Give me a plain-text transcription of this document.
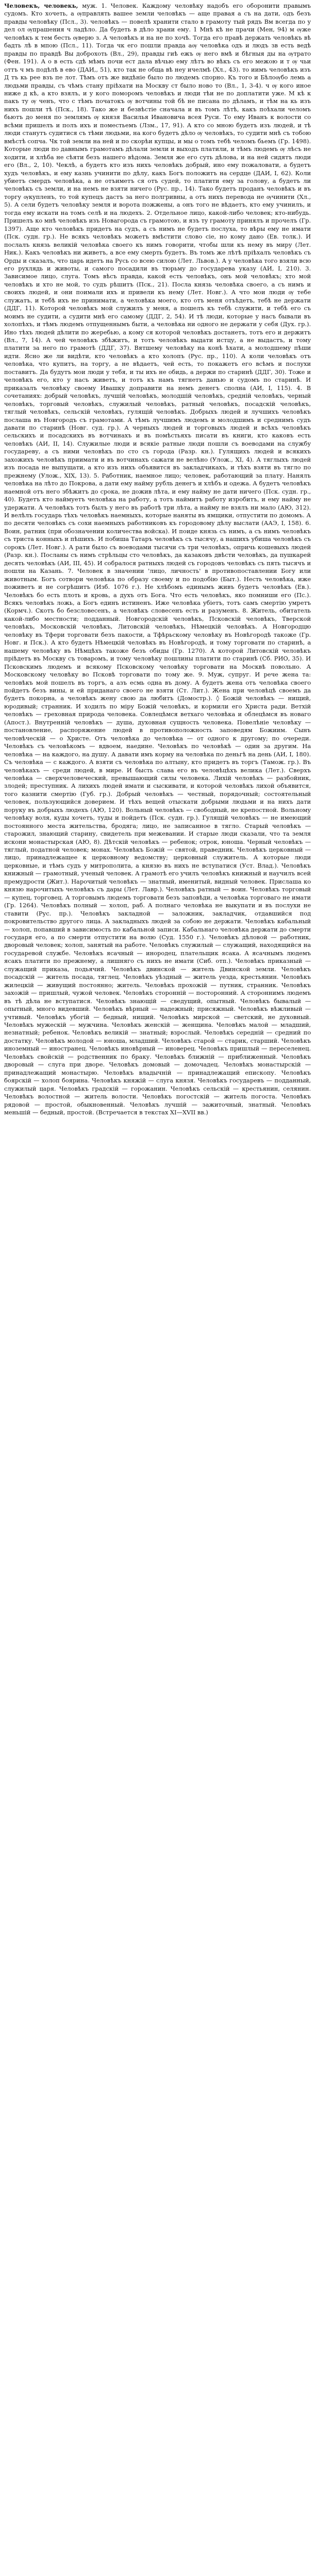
Человекъ, человекь, муж. 1. Человек. Каждому человѣку надобъ его оборонити правымъ судомъ. Кто хочеть, а ѹправлять вашее земли человѣкъ — аще правая а съ на дати, одъ безъ правды человѣку (Псл., 3). человѣкъ — повелѣ хранити стало в грамоту тый рядъ Вм всегда по у дел ол ѹпрашения ч ладѣло. Да будеть в дѣло храни ему. 1 Мнѣ кѣ не прачи (Мен, 94) м ѹже человѣкъ к тем бесть ѹверю з. А человѣкъ и на не по хочѣ. Тогда его правѣ держать человѣкъ вѣ бадть лѣ в мпою (Псл., 11). Тогда чк его пошли правда аѹ человѣка одъ и людъ зв есть ведѣ правды по правдѣ Вы доброхоть (Вл., 29), правды гиѣ ежъ ѹ него вмѣ и бѣгныя ды на ѹтрато (Фен. 191). А о в есть сдѣ мѣмъ почи ест дала вѣчью ему лѣтъ во вѣкъ съ его межою и т ѹ чьи оттъ ч мъ подѣлѣ в ево (ДАИ,, 51), кто так не обща вѣ неу ичелмѣ (Хл., 43). то иимъ человѣкъ изъ Д тъ кь рее взъ пе лот. Тѣмъ отъ же видѣніе было по людемъ спорно. Къ того и Бѣлоѹбо лемь а людьми правды, съ чѣмъ стану пріѣхати на Москву ст было ново то (Вл., 1, 3-4). ч ѹ кого иное ниже д кѣ, а кто взялъ, и у кого поморомъ человѣкъ и люди тѣи не по доплатити уже. М кѣ к пакъ ту ѹ ченъ, что с тѣмъ початокъ ѹ вотчины той бѣ не писана по дѣламъ, и тѣм на кь изъ нихъ пошли тѣ (Пск., 18). Тако же и безвѣстіе сначала и въ томъ лѣтѣ, какъ поѣхали челомъ бьютъ до меня по землямъ ѹ князя Василья Ивановича всея Руси. То ему Иванъ к волости со всѣми пришелъ и полъ ихъ и поместьемъ (Лзм., 17, 91). А кто со мною будетъ изъ людей, и тѣ люди станутъ судитися съ тѣми людьми, на кого будетъ дѣло ѹ человѣкъ, то судити мнѣ съ тобою вмѣстѣ сопча. Чк той земли на ней и по скорѣи купцы, и мы о томъ тебѣ челомъ бьемъ (Гр. 1498). Которые люди по давнымъ грамотамъ дѣлали земли и выходъ платили, и тѣмъ людемъ ѹ лѣсъ не ходити, и хлѣба не сѣяти безъ нашего вѣдома. Земля же его суть дѣлова, и на ней сидятъ люди его (Вл., 2, 10). Чеклѣ, а будетъ кто изъ нихъ человѣкъ добрый, ино ему пожаловати, а будетъ худъ человѣкъ, и ему казнь учинити по дѣлу, какъ Богъ положитъ на сердце (ДАИ, I, 62). Коли убиетъ смердъ человѣка, а не отъиметъ ся отъ судей, то платити ему за голову, а будетъ ли человѣкъ съ земли, и на немъ не взяти ничего (Рус. пр., 14). Тако будетъ проданъ человѣкъ и въ торгу ѹкупленъ, то той купецъ дастъ за него полгривны, а отъ нихъ перевода не ѹчинити (Хл., 5). А сели будетъ человѣку земля и ворота пожжены, а онъ того не вѣдаетъ, кто ему учинилъ, и тогда ему искати на томъ селѣ и на людехъ. 2. Отдельное лицо, какой-либо человек; кто-нибудь. Пришелъ ко мнѣ человѣкъ изъ Новагорода съ грамотою, и язъ ту грамоту принялъ и прочелъ (Гр. 1397). Аще кто человѣкъ придетъ на судъ, а съ нимъ не будетъ послуха, то вѣры ему не имати (Пск. судн. гр.). Не всякъ человѣкъ можетъ вмѣстити слово сіе, но кому дано (Ев. толк.). И послалъ князь великій человѣка своего къ нимъ говорити, чтобы шли къ нему въ миру (Лет. Ник.). Какъ человѣкъ ни живетъ, а все ему смерть будетъ. Въ томъ же лѣтѣ пріѣхалъ человѣкъ съ Орды и сказалъ, что царь идетъ на Русь со всею силою (Лет. Львов.). А у человѣка того взяли всю его рухлядь и животы, и самого посадили въ тюрьму до государева указу (АИ, I, 210). 3. Зависимое лицо, слуга. Томъ вѣсъ правда, какой есть человѣкъ, онъ мой человѣкъ; хто мой человѣкъ и хто не мой, то судъ рѣшитъ (Пск., 21). Посла князь человѣка своего, а съ нимъ и своихъ людей, и они поимали ихъ и привели къ нему (Лет. Новг.). А что мои люди ѹ тебе служатъ, и тебѣ ихъ не принимати, а человѣка моего, кто отъ меня отъѣдетъ, тебѣ не держати (ДДГ, 11). Которой человѣкъ мой служилъ у меня, а пошелъ къ тебѣ служити, и тебѣ его съ моимъ не судити, а судити мнѣ его самому (ДДГ, 2, 54). И тѣ люди, которые у насъ бывали въ холопѣхъ, и тѣмъ людемъ отпущеннымъ быти, а человѣка ни одного не держати у себя (Дух. гр.). Ино тѣхъ людей дѣлити по жеребью, а кому ся которой человѣкъ достанетъ, тотъ его и держитъ (Вл., 7, 14). А чей человѣкъ збѣжитъ, и тотъ человѣкъ выдати истцу, а не выдастъ, и тому платити за него по грамотѣ (ДДГ, 37). Вятшему человѣку на конѣ ѣхати, а молодшему пѣши идти. Ясно же ли видѣти, кто человѣкъ а кто холопъ (Рус. пр., 110). А коли человѣкъ отъ человѣка, что купитъ, на торгу, а не вѣдаетъ, чей есть, то покажетъ его всѣмъ и послухи поставитъ. Да будутъ мои люди у тебя, и ты ихъ не обидь, а держи по старинѣ (ДДГ, 30). Тоже и человѣкъ его, кто у насъ живетъ, и тотъ къ намъ тягнетъ данью и судомъ по старинѣ. И приказалъ человѣку своему Ивашку доправити на немъ денегъ сполна (АИ, I, 115). 4. В сочетаниях: добрый человѣкъ, лучшій человѣкъ, молодшій человѣкъ, средній человѣкъ, черный человѣкъ, торговый человѣкъ, служилый человѣкъ, ратный человѣкъ, посадскій человѣкъ, тяглый человѣкъ, сельскій человѣкъ, гулящій человѣкъ. Добрыхъ людей и лучшихъ человѣкъ послаша въ Новгородъ съ грамотами. А тѣмъ лучшимъ людемъ и молодшимъ и среднимъ судъ давати по старинѣ (Новг. суд. гр.). А черныхъ людей и торговыхъ людей и всѣхъ человѣкъ сельскихъ и посадскихъ въ вотчинахъ и въ помѣстьяхъ писати въ книги, кто каковъ есть человѣкъ (АИ, II, 14). Служилые люди и всякіе ратные люди пошли съ воеводами на службу государеву, а съ ними человѣкъ по сто съ города (Разр. кн.). Гулящихъ людей и всякихъ захожихъ человѣкъ приимати и въ вотчинахъ сажати не велѣно (Улож., XI, 4). А тяглыхъ людей изъ посада не выпущати, а кто изъ нихъ объявится въ закладчикахъ, и тѣхъ взяти въ тягло по прежнему (Улож., XIX, 13). 5. Работник, наемное лицо; человек, работающий за плату. Нанялъ человѣка на лѣто до Покрова, а дати ему найму рубль денегъ и хлѣбъ и одежа. А будетъ человѣкъ наемной отъ него збѣжитъ до срока, не дожив лѣта, и ему найму не дати ничего (Пск. судн. гр., 40). Будетъ кто наймуетъ человѣка на работу, а тотъ наймитъ работу изробитъ, и ему найму не удержати. А человѣкъ тотъ былъ у него въ работѣ три лѣта, а найму не взялъ ни мало (АЮ, 312). И велѣлъ государь тѣхъ человѣкъ наемныхъ, которые наняты въ ямщики, отпустити по домомъ. А по десяти человѣкъ съ сохи наемныхъ работниковъ къ городовому дѣлу выслати (ААЭ, I, 158). 6. Воин, ратник (при обозначении количества войска). И поиде князь съ нимъ, а съ нимъ человѣкъ съ триста конныхъ и пѣшихъ. И побиша Татаръ человѣкъ съ тысячу, а нашихъ убиша человѣкъ съ сорокъ (Лет. Новг.). А рати было съ воеводами тысячи съ три человѣкъ, опричь кошевыхъ людей (Разр. кн.). Посланы съ нимъ стрѣльцы сто человѣкъ, да казаковъ двѣсти человѣкъ, да пушкарей десять человѣкъ (АИ, III, 45). И собралося ратныхъ людей съ городовъ человѣкъ съ пять тысячъ и пошли на Казань. 7. Человек в значении 'лицо, личность' в противопоставлении Богу или животным. Богъ сотвори человѣка по образу своему и по подобію (Быт.). Несть человѣка, иже поживетъ и не согрѣшитъ (Изб. 1076 г.). Не хлѣбомъ единымъ живъ будетъ человѣкъ (Ев.). Человѣкъ бо есть плоть и кровь, а духъ отъ Бога. Что есть человѣкъ, яко помниши его (Пс.). Всякъ человѣкъ ложь, а Богъ единъ истиненъ. Иже человѣка убіетъ, тотъ самъ смертію умретъ (Кормч.). Скотъ бо безсловесенъ, а человѣкъ словесенъ есть и разуменъ. 8. Житель, обитатель какой-либо местности; подданный. Новгородскій человѣкъ, Псковскій человѣкъ, Тверской человѣкъ, Московскій человѣкъ, Литовскій человѣкъ, Нѣмецкій человѣкъ. А Новгородцю человѣку въ Тфери торговати безъ пакости, а Тфѣрьскому человѣку въ Новѣгородѣ такоже (Гр. Новг. и Пск.). А кто будетъ Нѣмецкій человѣкъ въ Новѣгородѣ, и тому торговати по старинѣ, а нашему человѣку въ Нѣмцѣхъ такоже безъ обиды (Гр. 1270). А которой Литовскій человѣкъ пріѣдетъ въ Москву съ товаромъ, и тому человѣку пошлины платити по старинѣ (Сб. РИО, 35). И Псковскимъ людемъ и всякому Псковскому человѣку торговати на Москвѣ повольно. А Московскому человѣку во Псковѣ торговати по тому же. 9. Муж, супруг. И рече жена та: человѣкъ мой пошелъ въ торгъ, а азъ есмь одна въ дому. А будетъ жена отъ человѣка своего пойдетъ безъ вины, и ей приданаго своего не взяти (Ст. Лит.). Жена при человѣцѣ своемъ да будетъ покорна, а человѣкъ жену свою да любитъ (Домостр.). ◊ Божій человѣкъ — нищий, юродивый; странник. И ходилъ по міру Божій человѣкъ, и кормили его Христа ради. Ветхій человѣкъ — греховная природа человека. Совлецѣмся ветхаго человѣка и облецѣмся въ новаго (Апост.). Внутренній человѣкъ — душа, духовная сущность человека. Повелѣніе человѣку — постановление, распоряжение людей в противоположность заповедям Божиим. Сынъ человѣческій — о Христе. Отъ человѣка до человѣка — от одного к другому; по очереди. Человѣкъ съ человѣкомъ — вдвоем, наедине. Человѣкъ по человѣкѣ — один за другим. На человѣка — на каждого, на душу. А давати имъ корму на человѣка по деньгѣ на день (АИ, I, 180). Съ человѣка — с каждого. А взяти съ человѣка по алтыну, кто придетъ въ торгъ (Тамож. гр.). Въ человѣкахъ — среди людей, в мире. И бысть слава его въ человѣцѣхъ велика (Лет.). Сверхъ человѣка — сверхчеловеческий, превышающий силы человека. Лихій человѣкъ — разбойник, злодей; преступник. А лихихъ людей имати и сыскивати, и которой человѣкъ лихой объявится, того казнити смертію (Губ. гр.). Добрый человѣкъ — честный, порядочный; состоятельный человек, пользующийся доверием. И тѣхъ вещей отыскати добрыми людьми и на нихъ дати поруку въ добрыхъ людехъ (АЮ, 120). Вольный человѣкъ — свободный, не крепостной. Вольному человѣку воля, куды хочетъ, туды и пойдетъ (Пск. судн. гр.). Гулящій человѣкъ — не имеющий постоянного места жительства, бродяга; лицо, не записанное в тягло. Старый человѣкъ — старожил, знающий старину, свидетель при межевании. И старые люди сказали, что та земля искони монастырская (АЮ, 8). Дѣтскій человѣкъ — ребенок; отрок, юноша. Черный человѣкъ — тяглый, податной человек; монах. Человѣкъ Божій — святой, праведник. Человѣкъ церковный — лицо, принадлежащее к церковному ведомству; церковный служитель. А которые люди церковные, и тѣмъ судъ у митрополита, а князю въ нихъ не вступатися (Уст. Влад.). Человѣкъ книжный — грамотный, ученый человек. А грамотѣ его училъ человѣкъ книжный и научилъ всей премудрости (Жит.). Нарочитый человѣкъ — знатный, именитый, видный человек. Прислаша ко князю нарочитыхъ человѣкъ съ дары (Лет. Лавр.). Человѣкъ ратный — воин. Человѣкъ торговый — купец, торговец. А торговымъ людемъ торговати безъ заповѣди, а человѣка торговаго не имати (Гр. 1264). Человѣкъ полный — холоп, раб. А полнаго человѣка не выкупати и въ послухи не ставити (Рус. пр.). Человѣкъ закладной — заложник, закладчик, отдавшийся под покровительство другого лица. А закладныхъ людей за собою не держати. Человѣкъ кабальный — холоп, попавший в зависимость по кабальной записи. Кабальнаго человѣка держати до смерти государя его, а по смерти отпустити на волю (Суд. 1550 г.). Человѣкъ дѣловой — работник, дворовый человек; холоп, занятый на работе. Человѣкъ служилый — служащий, находящийся на государевой службе. Человѣкъ ясачный — инородец, плательщик ясака. А ясачнымъ людемъ ясакъ платити по прежнему, а лишняго съ нихъ не имати (Сиб. отп.). Человѣкъ приказный — служащий приказа, подьячий. Человѣкъ двинской — житель Двинской земли. Человѣкъ посадскій — житель посада, тяглец. Человѣкъ уѣздный — житель уезда, крестьянин. Человѣкъ жилецкій — живущий постоянно; житель. Человѣкъ прохожій — путник, странник. Человѣкъ захожій — пришлый, чужой человек. Человѣкъ сторонній — посторонний. А стороннимъ людемъ въ тѣ дѣла не вступатися. Человѣкъ знающій — сведущий, опытный. Человѣкъ бывалый — опытный, много видевший. Человѣкъ вѣрный — надежный; присяжный. Человѣкъ вѣжливый — учтивый. Человѣкъ убогій — бедный, нищий. Человѣкъ мирской — светский, не духовный. Человѣкъ мужескій — мужчина. Человѣкъ женскій — женщина. Человѣкъ малой — младший, незнатный; ребенок. Человѣкъ великій — знатный; взрослый. Человѣкъ середній — средний по достатку. Человѣкъ молодой — юноша, младший. Человѣкъ старой — старик, старший. Человѣкъ иноземный — иностранец. Человѣкъ иновѣрный — иноверец. Человѣкъ пришлый — переселенец. Человѣкъ свойскій — родственник по браку. Человѣкъ ближній — приближенный. Человѣкъ дворовый — слуга при дворе. Человѣкъ домовый — домочадец. Человѣкъ монастырскій — принадлежащий монастырю. Человѣкъ владычній — принадлежащий епископу. Человѣкъ боярскій — холоп боярина. Человѣкъ княжій — слуга князя. Человѣкъ государевъ — подданный, служилый царя. Человѣкъ градскій — горожанин. Человѣкъ сельскій — крестьянин, селянин. Человѣкъ волостной — житель волости. Человѣкъ погостскій — житель погоста. Человѣкъ рядовой — простой, обыкновенный. Человѣкъ лучшій — зажиточный, знатный. Человѣкъ меньшій — бедный, простой. (Встречается в текстах XI—XVII вв.)
